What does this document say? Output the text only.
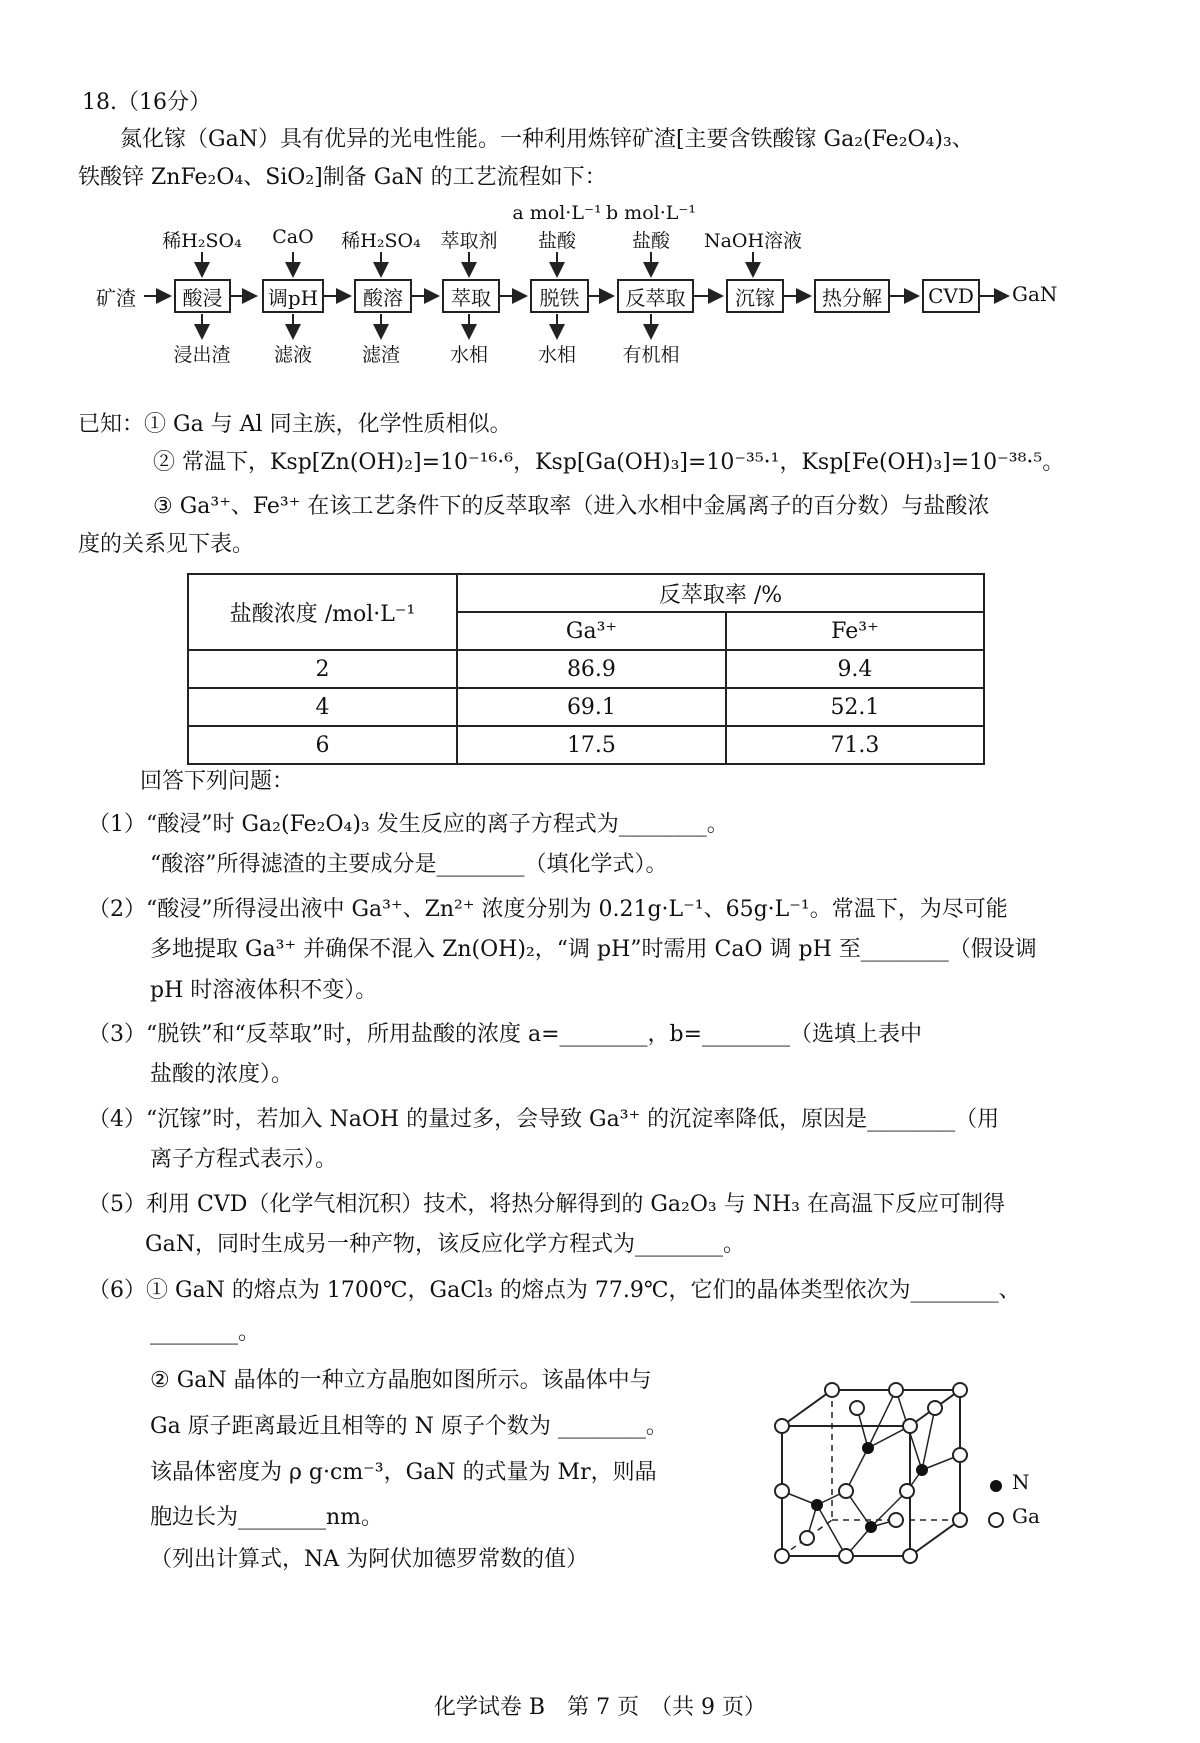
18.（16分）
氮化镓（GaN）具有优异的光电性能。一种利用炼锌矿渣[主要含铁酸镓 Ga₂(Fe₂O₄)₃、
铁酸锌 ZnFe₂O₄、SiO₂]制备 GaN 的工艺流程如下：
矿渣	GaN
稀H₂SO₄ CaO 稀H₂SO₄ 萃取剂
a mol·L⁻¹
盐酸
b mol·L⁻¹
盐酸 NaOH溶液
酸浸	调pH	酸溶	萃取	脱铁	反萃取	沉镓	热分解	CVD
浸出渣 滤液	滤渣	水相	水相 有机相
已知：① Ga 与 Al 同主族，化学性质相似。
② 常温下，Ksp[Zn(OH)₂]=10⁻¹⁶·⁶，Ksp[Ga(OH)₃]=10⁻³⁵·¹，Ksp[Fe(OH)₃]=10⁻³⁸·⁵。
③ Ga³⁺、Fe³⁺ 在该工艺条件下的反萃取率（进入水相中金属离子的百分数）与盐酸浓
度的关系见下表。
盐酸浓度 /mol·L⁻¹	反萃取率 /%	
	Ga³⁺	Fe³⁺
2	86.9	9.4
4	69.1	52.1
6	17.5	71.3
回答下列问题：
（1）“酸浸”时 Ga₂(Fe₂O₄)₃ 发生反应的离子方程式为________。
“酸溶”所得滤渣的主要成分是________（填化学式）。
（2）“酸浸”所得浸出液中 Ga³⁺、Zn²⁺ 浓度分别为 0.21g·L⁻¹、65g·L⁻¹。常温下，为尽可能
多地提取 Ga³⁺ 并确保不混入 Zn(OH)₂，“调 pH”时需用 CaO 调 pH 至________（假设调
pH 时溶液体积不变）。
（3）“脱铁”和“反萃取”时，所用盐酸的浓度 a=________，b=________（选填上表中
盐酸的浓度）。
（4）“沉镓”时，若加入 NaOH 的量过多，会导致 Ga³⁺ 的沉淀率降低，原因是________（用
离子方程式表示）。
（5）利用 CVD（化学气相沉积）技术，将热分解得到的 Ga₂O₃ 与 NH₃ 在高温下反应可制得
GaN，同时生成另一种产物，该反应化学方程式为________。
（6）① GaN 的熔点为 1700℃，GaCl₃ 的熔点为 77.9℃，它们的晶体类型依次为________、
________。
② GaN 晶体的一种立方晶胞如图所示。该晶体中与
Ga 原子距离最近且相等的 N 原子个数为 ________。
该晶体密度为 ρ g·cm⁻³，GaN 的式量为 Mr，则晶
胞边长为________nm。
（列出计算式，NA 为阿伏加德罗常数的值）
N
Ga
化学试卷 B　第 7 页　（共 9 页）
